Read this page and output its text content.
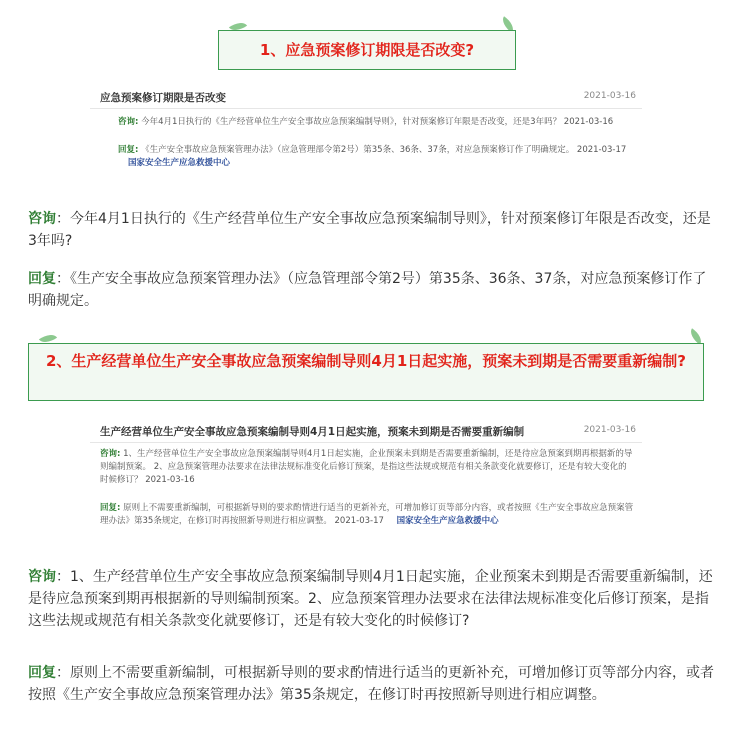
1、应急预案修订期限是否改变?
应急预案修订期限是否改变	2021-03-16
咨询: 今年4月1日执行的《生产经营单位生产安全事故应急预案编制导则》，针对预案修订年限是否改变，还是3年吗？ 2021-03-16
回复: 《生产安全事故应急预案管理办法》（应急管理部令第2号）第35条、36条、37条，对应急预案修订作了明确规定。 2021-03-17 国家安全生产应急救援中心
咨询：今年4月1日执行的《生产经营单位生产安全事故应急预案编制导则》，针对预案修订年限是否改变，还是3年吗?
回复：《生产安全事故应急预案管理办法》（应急管理部令第2号）第35条、36条、37条，对应急预案修订作了明确规定。
2、生产经营单位生产安全事故应急预案编制导则4月1日起实施，预案未到期是否需要重新编制?
生产经营单位生产安全事故应急预案编制导则4月1日起实施，预案未到期是否需要重新编制	2021-03-16
咨询: 1、生产经营单位生产安全事故应急预案编制导则4月1日起实施，企业预案未到期是否需要重新编制，还是待应急预案到期再根据新的导则编制预案。 2、应急预案管理办法要求在法律法规标准变化后修订预案，是指这些法规或规范有相关条款变化就要修订，还是有较大变化的时候修订？ 2021-03-16
回复: 原则上不需要重新编制，可根据新导则的要求酌情进行适当的更新补充，可增加修订页等部分内容，或者按照《生产安全事故应急预案管理办法》第35条规定，在修订时再按照新导则进行相应调整。 2021-03-17 国家安全生产应急救援中心
咨询：1、生产经营单位生产安全事故应急预案编制导则4月1日起实施，企业预案未到期是否需要重新编制，还是待应急预案到期再根据新的导则编制预案。2、应急预案管理办法要求在法律法规标准变化后修订预案，是指这些法规或规范有相关条款变化就要修订，还是有较大变化的时候修订?
回复：原则上不需要重新编制，可根据新导则的要求酌情进行适当的更新补充，可增加修订页等部分内容，或者按照《生产安全事故应急预案管理办法》第35条规定，在修订时再按照新导则进行相应调整。
